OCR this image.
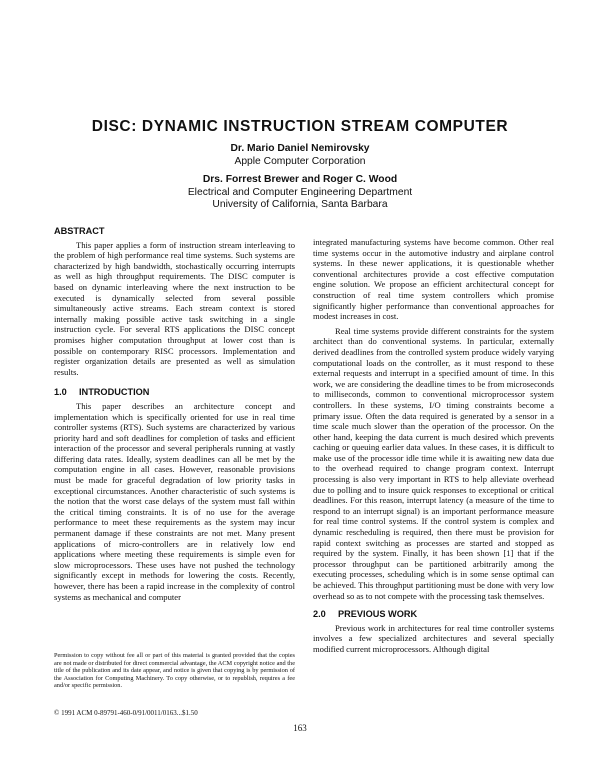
DISC: DYNAMIC INSTRUCTION STREAM COMPUTER
Dr. Mario Daniel Nemirovsky
Apple Computer Corporation
Drs. Forrest Brewer and Roger C. Wood
Electrical and Computer Engineering Department
University of California, Santa Barbara
ABSTRACT

This paper applies a form of instruction stream interleaving to the problem of high performance real time systems. Such systems are characterized by high bandwidth, stochastically occurring interrupts as well as high throughput requirements. The DISC computer is based on dynamic interleaving where the next instruction to be executed is dynamically selected from several possible simultaneously active streams. Each stream context is stored internally making possible active task switching in a single instruction cycle. For several RTS applications the DISC concept promises higher computation throughput at lower cost than is possible on contemporary RISC processors. Implementation and register organization details are presented as well as simulation results.

1.0 INTRODUCTION

This paper describes an architecture concept and implementation which is specifically oriented for use in real time controller systems (RTS). Such systems are characterized by various priority hard and soft deadlines for completion of tasks and efficient interaction of the processor and several peripherals running at vastly differing data rates. Ideally, system deadlines can all be met by the computation engine in all cases. However, reasonable provisions must be made for graceful degradation of low priority tasks in exceptional circumstances. Another characteristic of such systems is the notion that the worst case delays of the system must fall within the critical timing constraints. It is of no use for the average performance to meet these requirements as the system may incur permanent damage if these constraints are not met. Many present applications of micro-controllers are in relatively low end applications where meeting these requirements is simple even for slow microprocessors. These uses have not pushed the technology significantly except in methods for lowering the costs. Recently, however, there has been a rapid increase in the complexity of control systems as mechanical and computer

Permission to copy without fee all or part of this material is granted provided that the copies are not made or distributed for direct commercial advantage, the ACM copyright notice and the title of the publication and its date appear, and notice is given that copying is by permission of the Association for Computing Machinery. To copy otherwise, or to republish, requires a fee and/or specific permission.
© 1991 ACM 0-89791-460-0/91/0011/0163...$1.50

integrated manufacturing systems have become common. Other real time systems occur in the automotive industry and airplane control systems. In these newer applications, it is questionable whether conventional architectures provide a cost effective computation engine solution. We propose an efficient architectural concept for construction of real time system controllers which promise significantly higher performance than conventional approaches for modest increases in cost.

Real time systems provide different constraints for the system architect than do conventional systems. In particular, externally derived deadlines from the controlled system produce widely varying computational loads on the controller, as it must respond to these external requests and interrupt in a specified amount of time. In this work, we are considering the deadline times to be from microseconds to milliseconds, common to conventional microprocessor system controllers. In these systems, I/O timing constraints become a primary issue. Often the data required is generated by a sensor in a time scale much slower than the operation of the processor. On the other hand, keeping the data current is much desired which prevents caching or queuing earlier data values. In these cases, it is difficult to make use of the processor idle time while it is awaiting new data due to the overhead required to change program context. Interrupt processing is also very important in RTS to help alleviate overhead due to polling and to insure quick responses to exceptional or critical deadlines. For this reason, interrupt latency (a measure of the time to respond to an interrupt signal) is an important performance measure for real time control systems. If the control system is complex and dynamic rescheduling is required, then there must be provision for rapid context switching as processes are started and stopped as required by the system. Finally, it has been shown [1] that if the processor throughput can be partitioned arbitrarily among the executing processes, scheduling which is in some sense optimal can be achieved. This throughput partitioning must be done with very low overhead so as to not compete with the processing task themselves.

2.0 PREVIOUS WORK

Previous work in architectures for real time controller systems involves a few specialized architectures and several specially modified current microprocessors. Although digital

163
